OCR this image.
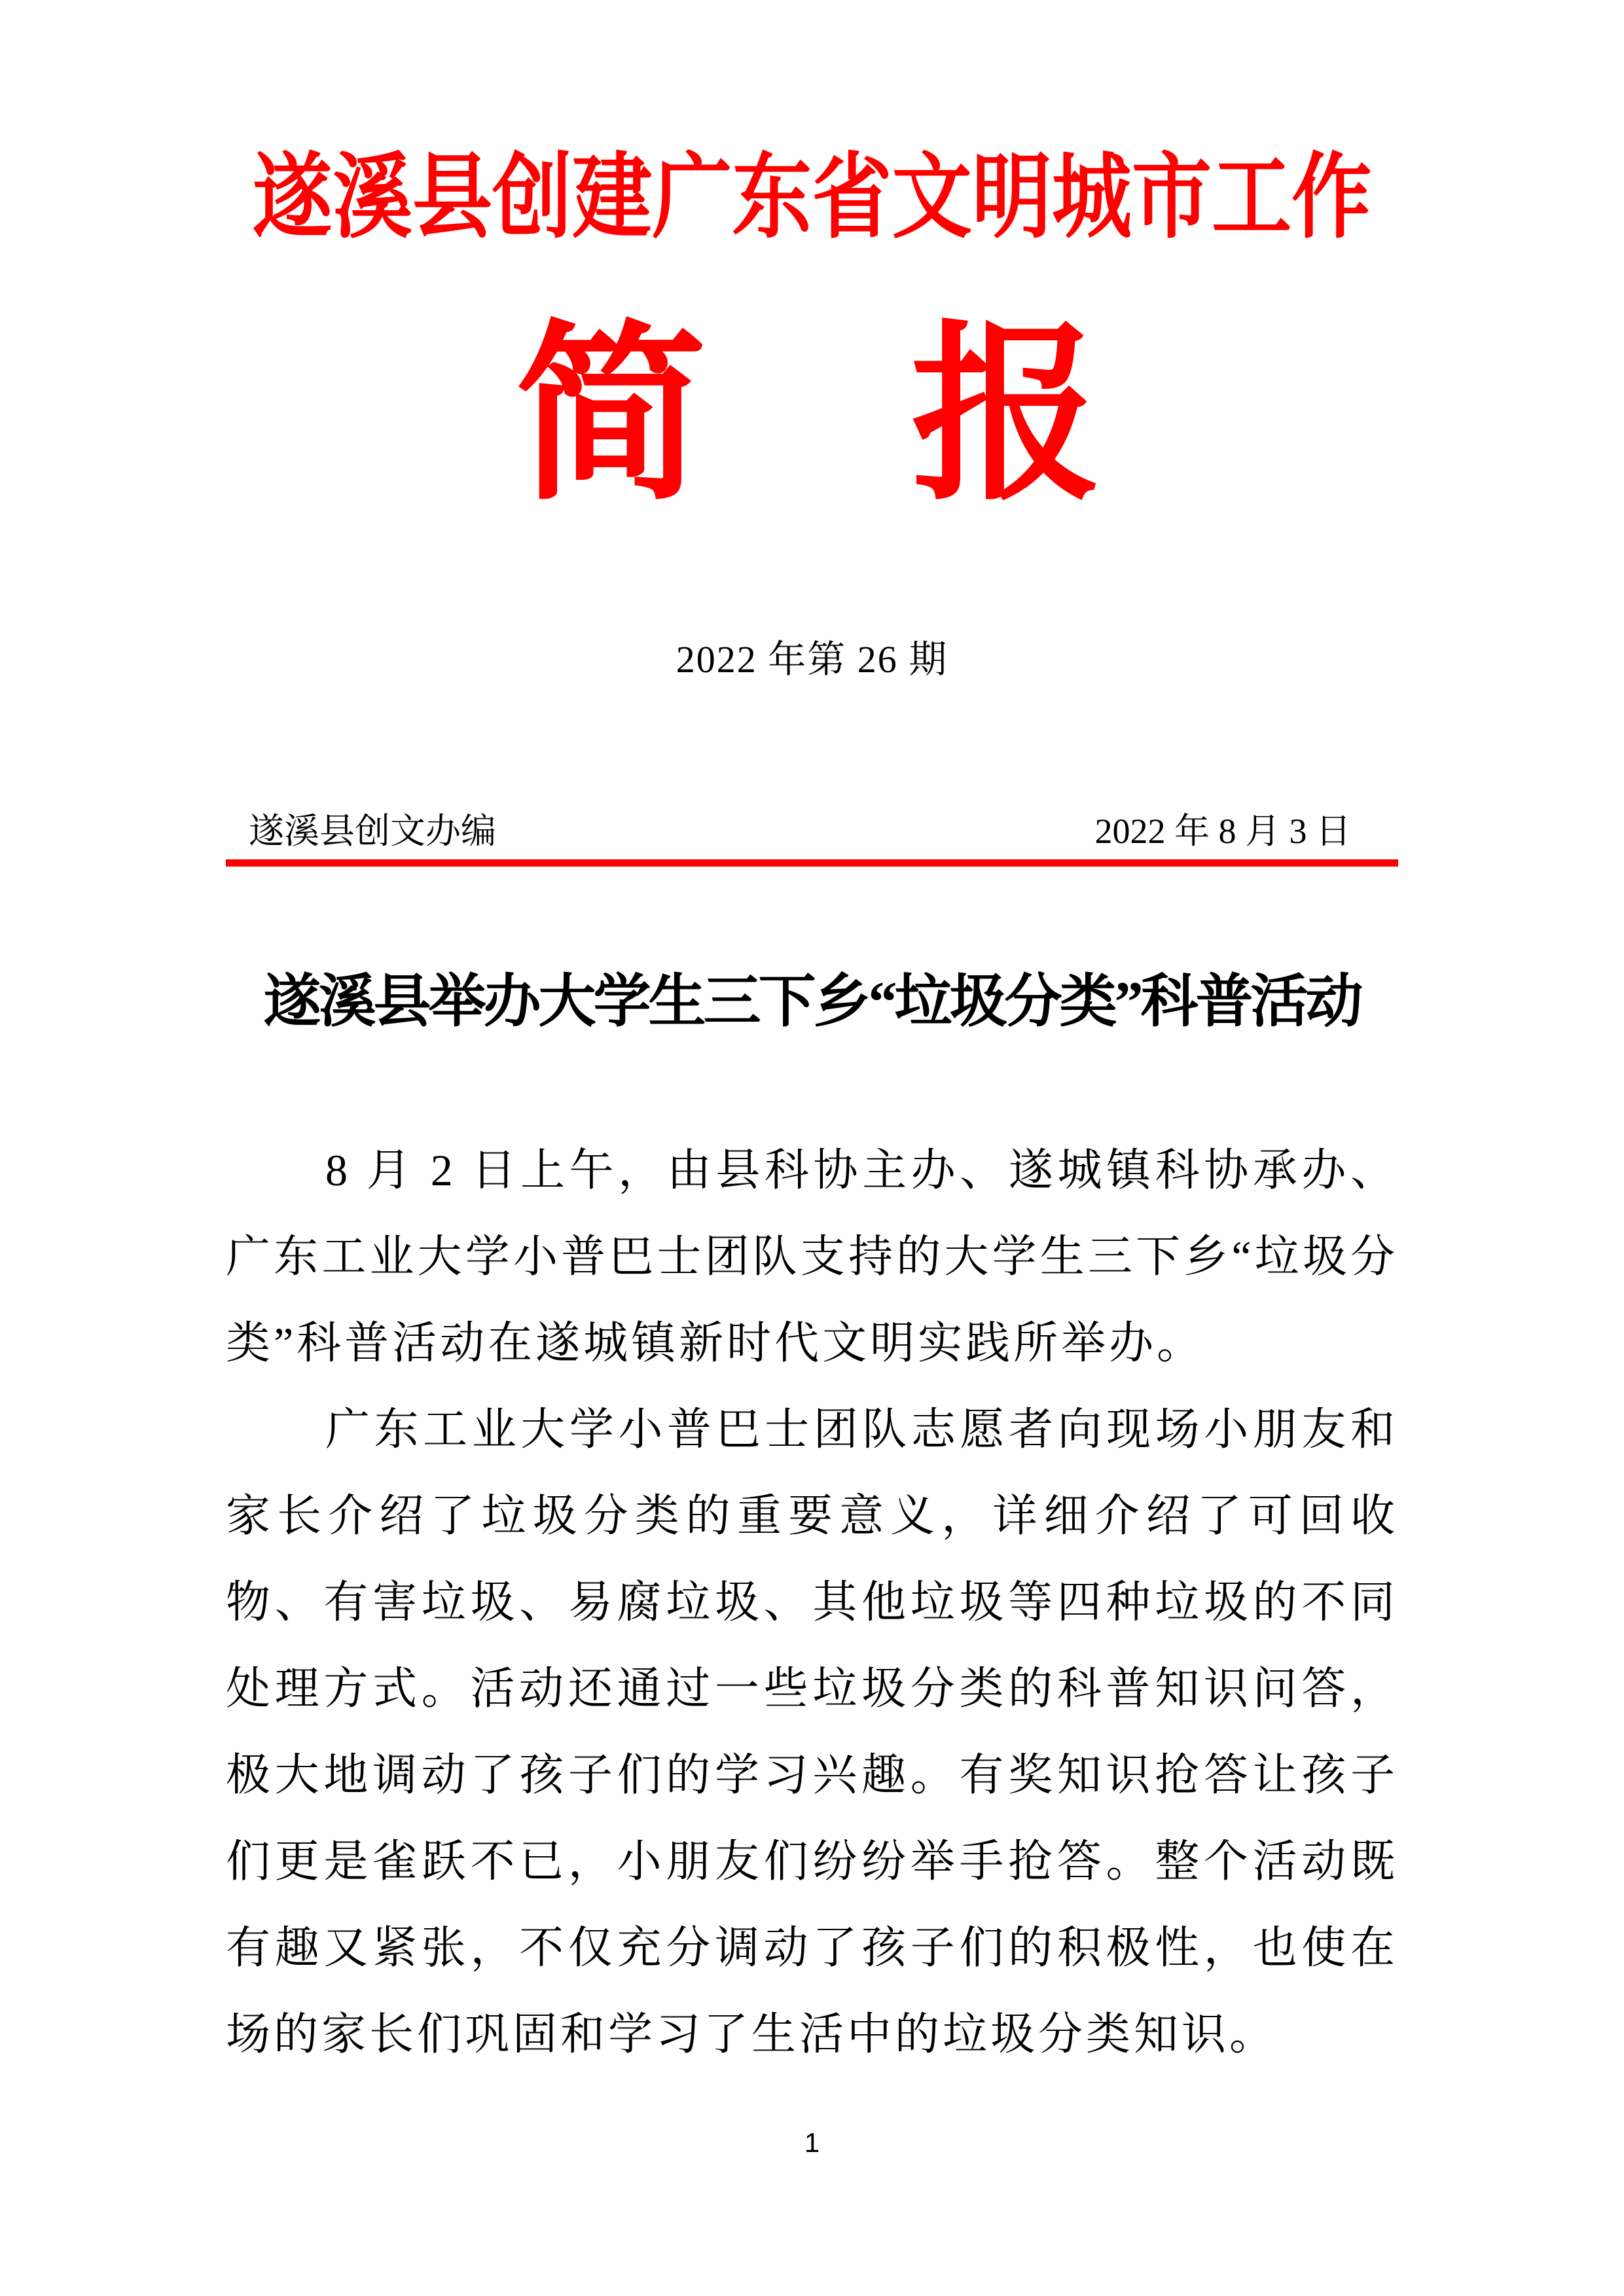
遂溪县创建广东省文明城市工作
简　报
2022 年第 26 期
遂溪县创文办编	2022 年 8 月 3 日
遂溪县举办大学生三下乡“垃圾分类”科普活动

8 月 2 日上午，由县科协主办、遂城镇科协承办、广东工业大学小普巴士团队支持的大学生三下乡“垃圾分类”科普活动在遂城镇新时代文明实践所举办。

广东工业大学小普巴士团队志愿者向现场小朋友和家长介绍了垃圾分类的重要意义，详细介绍了可回收物、有害垃圾、易腐垃圾、其他垃圾等四种垃圾的不同处理方式。活动还通过一些垃圾分类的科普知识问答，极大地调动了孩子们的学习兴趣。有奖知识抢答让孩子们更是雀跃不已，小朋友们纷纷举手抢答。整个活动既有趣又紧张，不仅充分调动了孩子们的积极性，也使在场的家长们巩固和学习了生活中的垃圾分类知识。

1
